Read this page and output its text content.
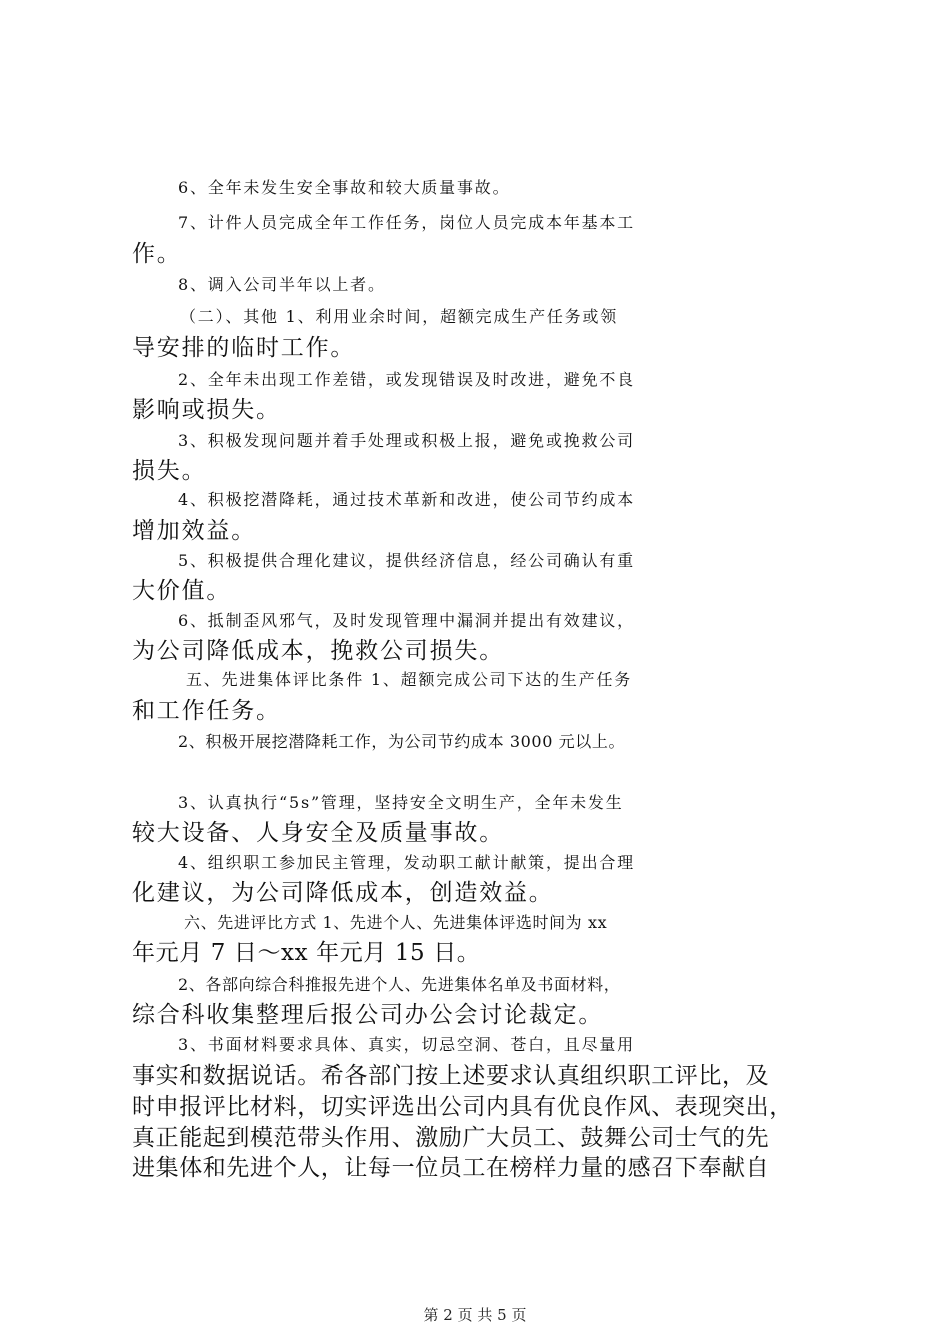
6、全年未发生安全事故和较大质量事故。
7、计件人员完成全年工作任务，岗位人员完成本年基本工
作。
8、调入公司半年以上者。
（二）、其他 1、利用业余时间，超额完成生产任务或领
导安排的临时工作。
2、全年未出现工作差错，或发现错误及时改进，避免不良
影响或损失。
3、积极发现问题并着手处理或积极上报，避免或挽救公司
损失。
4、积极挖潜降耗，通过技术革新和改进，使公司节约成本
增加效益。
5、积极提供合理化建议，提供经济信息，经公司确认有重
大价值。
6、抵制歪风邪气，及时发现管理中漏洞并提出有效建议，
为公司降低成本，挽救公司损失。
五、先进集体评比条件 1、超额完成公司下达的生产任务
和工作任务。
2、积极开展挖潜降耗工作，为公司节约成本 3000 元以上。
3、认真执行“5s”管理，坚持安全文明生产，全年未发生
较大设备、人身安全及质量事故。
4、组织职工参加民主管理，发动职工献计献策，提出合理
化建议，为公司降低成本，创造效益。
六、先进评比方式 1、先进个人、先进集体评选时间为 xx
年元月 7 日～xx 年元月 15 日。
2、各部向综合科推报先进个人、先进集体名单及书面材料，
综合科收集整理后报公司办公会讨论裁定。
3、书面材料要求具体、真实，切忌空洞、苍白，且尽量用
事实和数据说话。希各部门按上述要求认真组织职工评比，及
时申报评比材料，切实评选出公司内具有优良作风、表现突出，
真正能起到模范带头作用、激励广大员工、鼓舞公司士气的先
进集体和先进个人，让每一位员工在榜样力量的感召下奉献自
第 2 页 共 5 页
